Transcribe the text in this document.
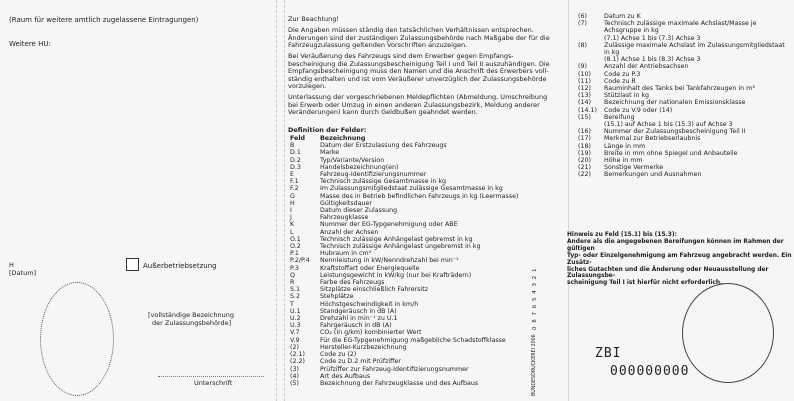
(Raum für weitere amtlich zugelassene Eintragungen)
Weitere HU:
H
[Datum]
Außerbetriebsetzung
[vollständige Bezeichnung
der Zulassungsbehörde]
Unterschrift
Zur Beachtung!
Die Angaben müssen ständig den tatsächlichen Verhältnissen entsprechen.
Änderungen sind der zuständigen Zulassungsbehörde nach Maßgabe der für die
Fahrzeugzulassung geltenden Vorschriften anzuzeigen.
Bei Veräußerung des Fahrzeugs sind dem Erwerber gegen Empfangs-
bescheinigung die Zulassungsbescheinigung Teil I und Teil II auszuhändigen. Die
Empfangsbescheinigung muss den Namen und die Anschrift des Erwerbers voll-
ständig enthalten und ist vom Veräußerer unverzüglich der Zulassungsbehörde
vorzulegen.
Unterlassung der vorgeschriebenen Meldepflichten (Abmeldung, Umschreibung
bei Erwerb oder Umzug in einen anderen Zulassungsbezirk, Meldung anderer
Veränderungen) kann durch Geldbußen geahndet werden.
Definition der Felder:
Feld	Bezeichnung
B	Datum der Erstzulassung des Fahrzeugs
D.1	Marke
D.2	Typ/Variante/Version
D.3	Handelsbezeichnung(en)
E	Fahrzeug-Identifizierungsnummer
F.1	Technisch zulässige Gesamtmasse in kg
F.2	Im Zulassungsmitgliedstaat zulässige Gesamtmasse in kg
G	Masse des in Betrieb befindlichen Fahrzeugs in kg (Leermasse)
H	Gültigkeitsdauer
I	Datum dieser Zulassung
J	Fahrzeugklasse
K	Nummer der EG-Typgenehmigung oder ABE
L	Anzahl der Achsen
O.1	Technisch zulässige Anhängelast gebremst in kg
O.2	Technisch zulässige Anhängelast ungebremst in kg
P.1	Hubraum in cm³
P.2/P.4	Nennleistung in kW/Nenndrehzahl bei min⁻¹
P.3	Kraftstoffart oder Energiequelle
Q	Leistungsgewicht in kW/kg (nur bei Krafträdern)
R	Farbe des Fahrzeugs
S.1	Sitzplätze einschließlich Fahrersitz
S.2	Stehplätze
T	Höchstgeschwindigkeit in km/h
U.1	Standgeräusch in dB (A)
U.2	Drehzahl in min⁻¹ zu U.1
U.3	Fahrgeräusch in dB (A)
V.7	CO₂ (in g/km) kombinierter Wert
V.9	Für die EG-Typgenehmigung maßgebliche Schadstoffklasse
(2)	Hersteller-Kurzbezeichnung
(2.1)	Code zu (2)
(2.2)	Code zu D.2 mit Prüfziffer
(3)	Prüfziffer zur Fahrzeug-Identifizierungsnummer
(4)	Art des Aufbaus
(5)	Bezeichnung der Fahrzeugklasse und des Aufbaus
0 8 7 6 5 4 3 2 1
BUNDESDRUCKEREI 2006
(6)	Datum zu K
(7)	Technisch zulässige maximale Achslast/Masse je
	Achsgruppe in kg
	(7.1) Achse 1 bis (7.3) Achse 3
(8)	Zulässige maximale Achslast im Zulassungsmitgliedstaat
	in kg
	(8.1) Achse 1 bis (8.3) Achse 3
(9)	Anzahl der Antriebsachsen
(10)	Code zu P.3
(11)	Code zu R
(12)	Rauminhalt des Tanks bei Tankfahrzeugen in m³
(13)	Stützlast in kg
(14)	Bezeichnung der nationalen Emissionsklasse
(14.1)	Code zu V.9 oder (14)
(15)	Bereifung
	(15.1) auf Achse 1 bis (15.3) auf Achse 3
(16)	Nummer der Zulassungsbescheinigung Teil II
(17)	Merkmal zur Betriebserlaubnis
(18)	Länge in mm
(19)	Breite in mm ohne Spiegel und Anbauteile
(20)	Höhe in mm
(21)	Sonstige Vermerke
(22)	Bemerkungen und Ausnahmen
Hinweis zu Feld (15.1) bis (15.3):
Andere als die angegebenen Bereifungen können im Rahmen der gültigen
Typ- oder Einzelgenehmigung am Fahrzeug angebracht werden. Ein Zusätz-
liches Gutachten und die Änderung oder Neuausstellung der Zulassungsbe-
scheinigung Teil I ist hierfür nicht erforderlich.
ZBI
000000000
